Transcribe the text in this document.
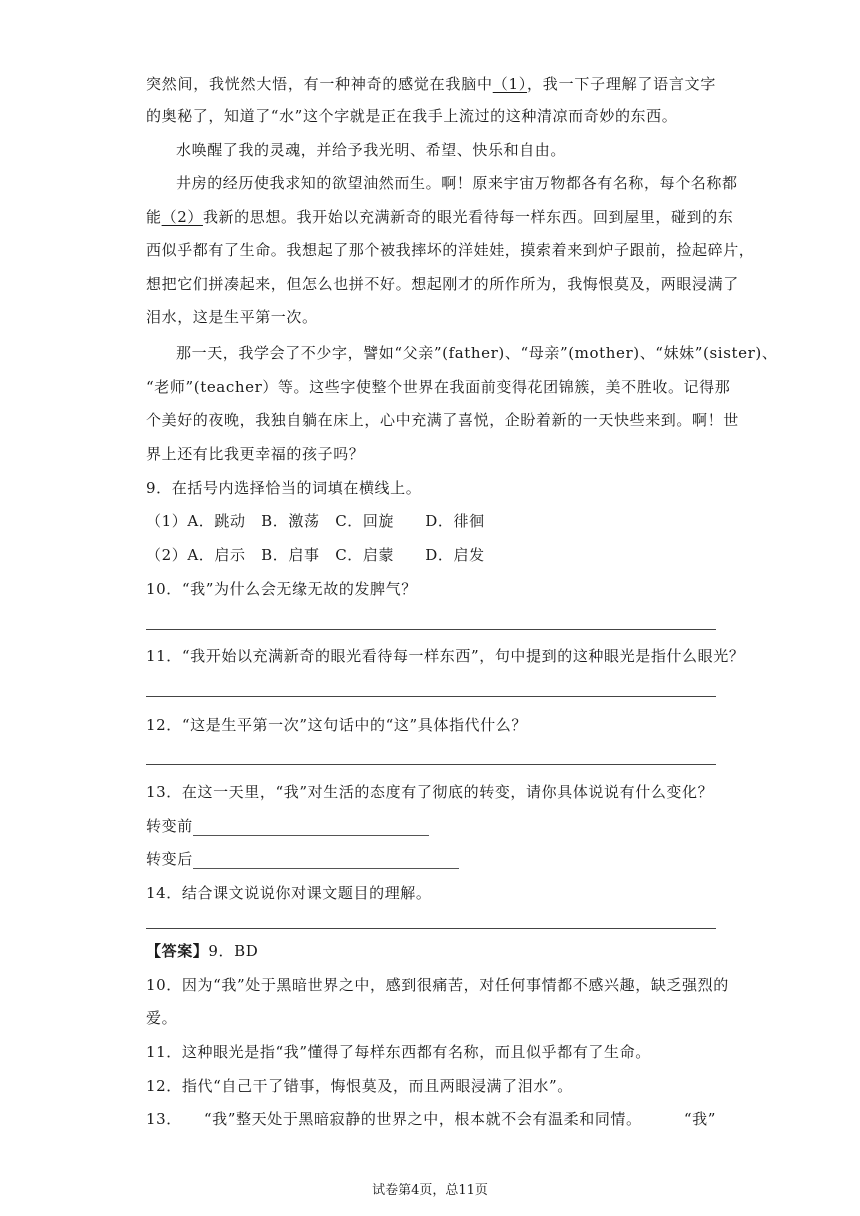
突然间，我恍然大悟，有一种神奇的感觉在我脑中（1），我一下子理解了语言文字
的奥秘了，知道了“水”这个字就是正在我手上流过的这种清凉而奇妙的东西。
水唤醒了我的灵魂，并给予我光明、希望、快乐和自由。
井房的经历使我求知的欲望油然而生。啊！原来宇宙万物都各有名称，每个名称都
能（2）我新的思想。我开始以充满新奇的眼光看待每一样东西。回到屋里，碰到的东
西似乎都有了生命。我想起了那个被我摔坏的洋娃娃，摸索着来到炉子跟前，捡起碎片，
想把它们拼凑起来，但怎么也拼不好。想起刚才的所作所为，我悔恨莫及，两眼浸满了
泪水，这是生平第一次。
那一天，我学会了不少字，譬如“父亲”(father)、“母亲”(mother)、“妹妹”(sister)、
“老师”(teacher）等。这些字使整个世界在我面前变得花团锦簇，美不胜收。记得那
个美好的夜晚，我独自躺在床上，心中充满了喜悦，企盼着新的一天快些来到。啊！世
界上还有比我更幸福的孩子吗？
9．在括号内选择恰当的词填在横线上。
（1）A．跳动　B．激荡　C．回旋　　D．徘徊
（2）A．启示　B．启事　C．启蒙　　D．启发
10．“我”为什么会无缘无故的发脾气？
11．“我开始以充满新奇的眼光看待每一样东西”，句中提到的这种眼光是指什么眼光？
12．“这是生平第一次”这句话中的“这”具体指代什么？
13．在这一天里，“我”对生活的态度有了彻底的转变，请你具体说说有什么变化？
转变前
转变后
14．结合课文说说你对课文题目的理解。
【答案】9．BD
10．因为“我”处于黑暗世界之中，感到很痛苦，对任何事情都不感兴趣，缺乏强烈的
爱。
11．这种眼光是指“我”懂得了每样东西都有名称，而且似乎都有了生命。
12．指代“自己干了错事，悔恨莫及，而且两眼浸满了泪水”。
13． “我”整天处于黑暗寂静的世界之中，根本就不会有温柔和同情。	“我”
试卷第4页，总11页
